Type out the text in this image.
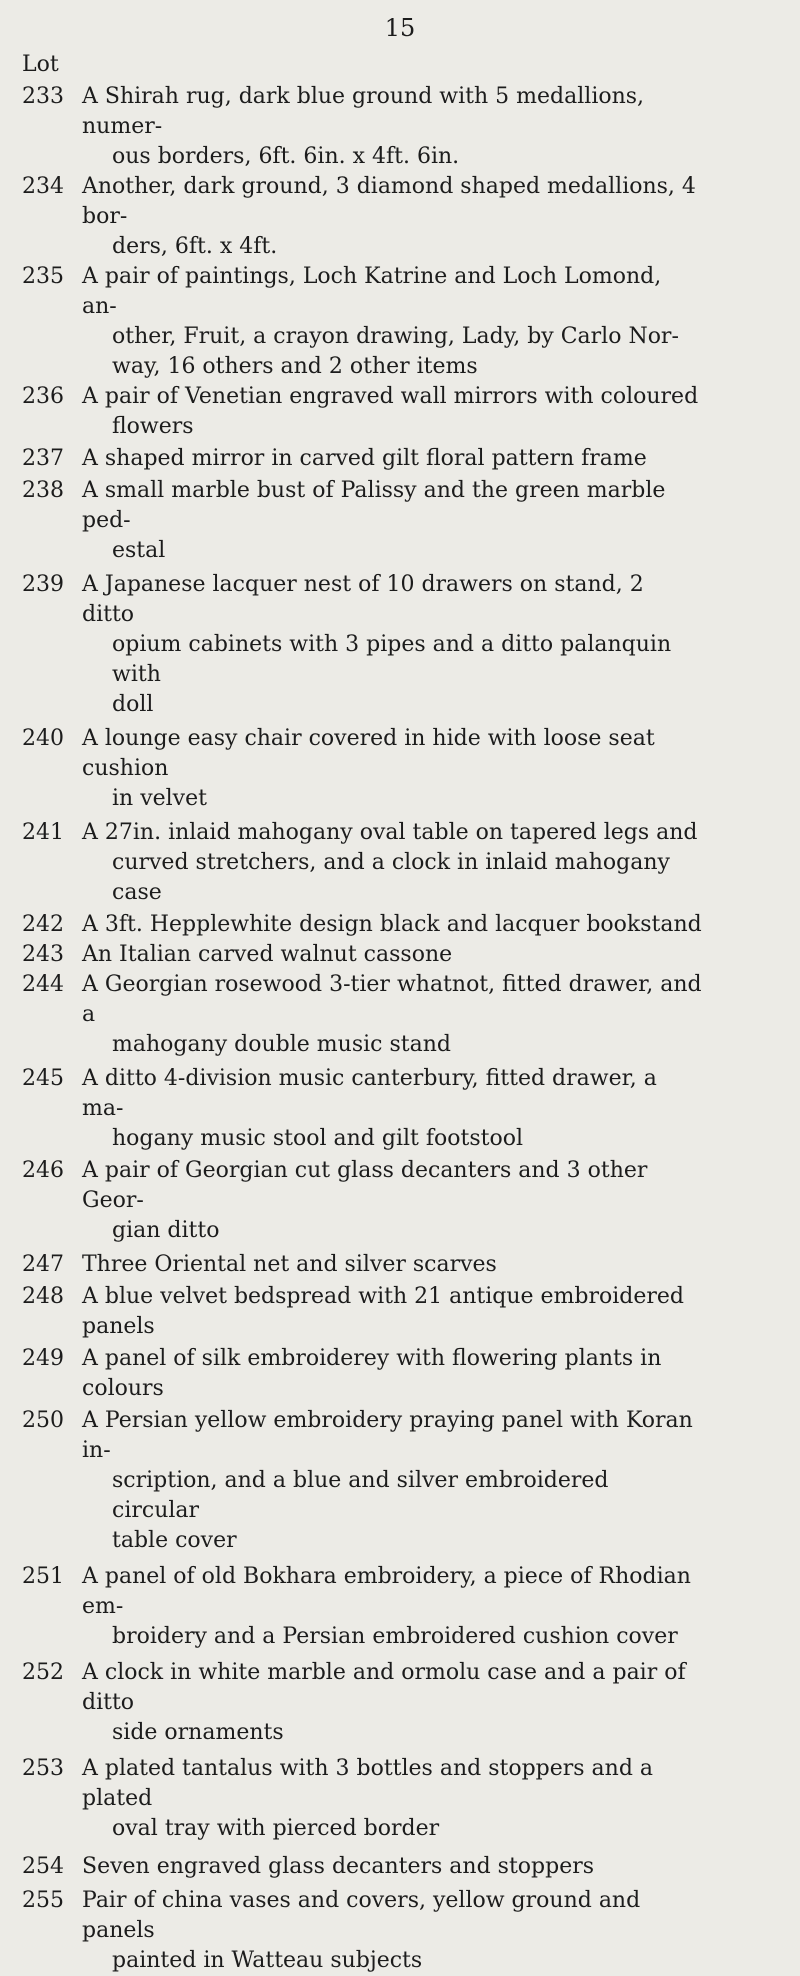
15
Lot
233 A Shirah rug, dark blue ground with 5 medallions, numer-
ous borders, 6ft. 6in. x 4ft. 6in.
234 Another, dark ground, 3 diamond shaped medallions, 4 bor-
ders, 6ft. x 4ft.
235 A pair of paintings, Loch Katrine and Loch Lomond, an-
other, Fruit, a crayon drawing, Lady, by Carlo Nor-
way, 16 others and 2 other items
236 A pair of Venetian engraved wall mirrors with coloured
flowers
237 A shaped mirror in carved gilt floral pattern frame
238 A small marble bust of Palissy and the green marble ped-
estal
239 A Japanese lacquer nest of 10 drawers on stand, 2 ditto
opium cabinets with 3 pipes and a ditto palanquin with
doll
240 A lounge easy chair covered in hide with loose seat cushion
in velvet
241 A 27in. inlaid mahogany oval table on tapered legs and
curved stretchers, and a clock in inlaid mahogany case
242 A 3ft. Hepplewhite design black and lacquer bookstand
243 An Italian carved walnut cassone
244 A Georgian rosewood 3-tier whatnot, fitted drawer, and a
mahogany double music stand
245 A ditto 4-division music canterbury, fitted drawer, a ma-
hogany music stool and gilt footstool
246 A pair of Georgian cut glass decanters and 3 other Geor-
gian ditto
247 Three Oriental net and silver scarves
248 A blue velvet bedspread with 21 antique embroidered panels
249 A panel of silk embroiderey with flowering plants in colours
250 A Persian yellow embroidery praying panel with Koran in-
scription, and a blue and silver embroidered circular
table cover
251 A panel of old Bokhara embroidery, a piece of Rhodian em-
broidery and a Persian embroidered cushion cover
252 A clock in white marble and ormolu case and a pair of ditto
side ornaments
253 A plated tantalus with 3 bottles and stoppers and a plated
oval tray with pierced border
254 Seven engraved glass decanters and stoppers
255 Pair of china vases and covers, yellow ground and panels
painted in Watteau subjects
